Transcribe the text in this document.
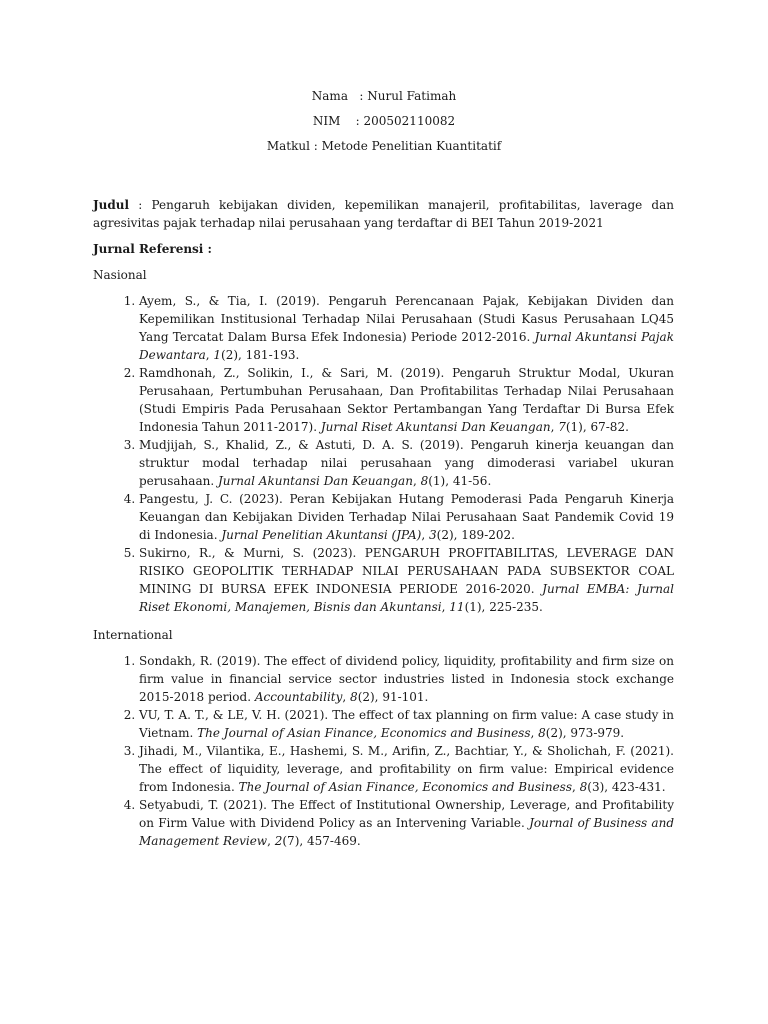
Nama   : Nurul Fatimah
NIM    : 200502110082
Matkul : Metode Penelitian Kuantitatif
Judul : Pengaruh kebijakan dividen, kepemilikan manajeril, profitabilitas, laverage dan agresivitas pajak terhadap nilai perusahaan yang terdaftar di BEI Tahun 2019-2021
Jurnal Referensi :
Nasional
1. Ayem, S., & Tia, I. (2019). Pengaruh Perencanaan Pajak, Kebijakan Dividen dan Kepemilikan Institusional Terhadap Nilai Perusahaan (Studi Kasus Perusahaan LQ45 Yang Tercatat Dalam Bursa Efek Indonesia) Periode 2012-2016. Jurnal Akuntansi Pajak Dewantara, 1(2), 181-193.
2. Ramdhonah, Z., Solikin, I., & Sari, M. (2019). Pengaruh Struktur Modal, Ukuran Perusahaan, Pertumbuhan Perusahaan, Dan Profitabilitas Terhadap Nilai Perusahaan (Studi Empiris Pada Perusahaan Sektor Pertambangan Yang Terdaftar Di Bursa Efek Indonesia Tahun 2011-2017). Jurnal Riset Akuntansi Dan Keuangan, 7(1), 67-82.
3. Mudjijah, S., Khalid, Z., & Astuti, D. A. S. (2019). Pengaruh kinerja keuangan dan struktur modal terhadap nilai perusahaan yang dimoderasi variabel ukuran perusahaan. Jurnal Akuntansi Dan Keuangan, 8(1), 41-56.
4. Pangestu, J. C. (2023). Peran Kebijakan Hutang Pemoderasi Pada Pengaruh Kinerja Keuangan dan Kebijakan Dividen Terhadap Nilai Perusahaan Saat Pandemik Covid 19 di Indonesia. Jurnal Penelitian Akuntansi (JPA), 3(2), 189-202.
5. Sukirno, R., & Murni, S. (2023). PENGARUH PROFITABILITAS, LEVERAGE DAN RISIKO GEOPOLITIK TERHADAP NILAI PERUSAHAAN PADA SUBSEKTOR COAL MINING DI BURSA EFEK INDONESIA PERIODE 2016-2020. Jurnal EMBA: Jurnal Riset Ekonomi, Manajemen, Bisnis dan Akuntansi, 11(1), 225-235.
International
1. Sondakh, R. (2019). The effect of dividend policy, liquidity, profitability and firm size on firm value in financial service sector industries listed in Indonesia stock exchange 2015-2018 period. Accountability, 8(2), 91-101.
2. VU, T. A. T., & LE, V. H. (2021). The effect of tax planning on firm value: A case study in Vietnam. The Journal of Asian Finance, Economics and Business, 8(2), 973-979.
3. Jihadi, M., Vilantika, E., Hashemi, S. M., Arifin, Z., Bachtiar, Y., & Sholichah, F. (2021). The effect of liquidity, leverage, and profitability on firm value: Empirical evidence from Indonesia. The Journal of Asian Finance, Economics and Business, 8(3), 423-431.
4. Setyabudi, T. (2021). The Effect of Institutional Ownership, Leverage, and Profitability on Firm Value with Dividend Policy as an Intervening Variable. Journal of Business and Management Review, 2(7), 457-469.
